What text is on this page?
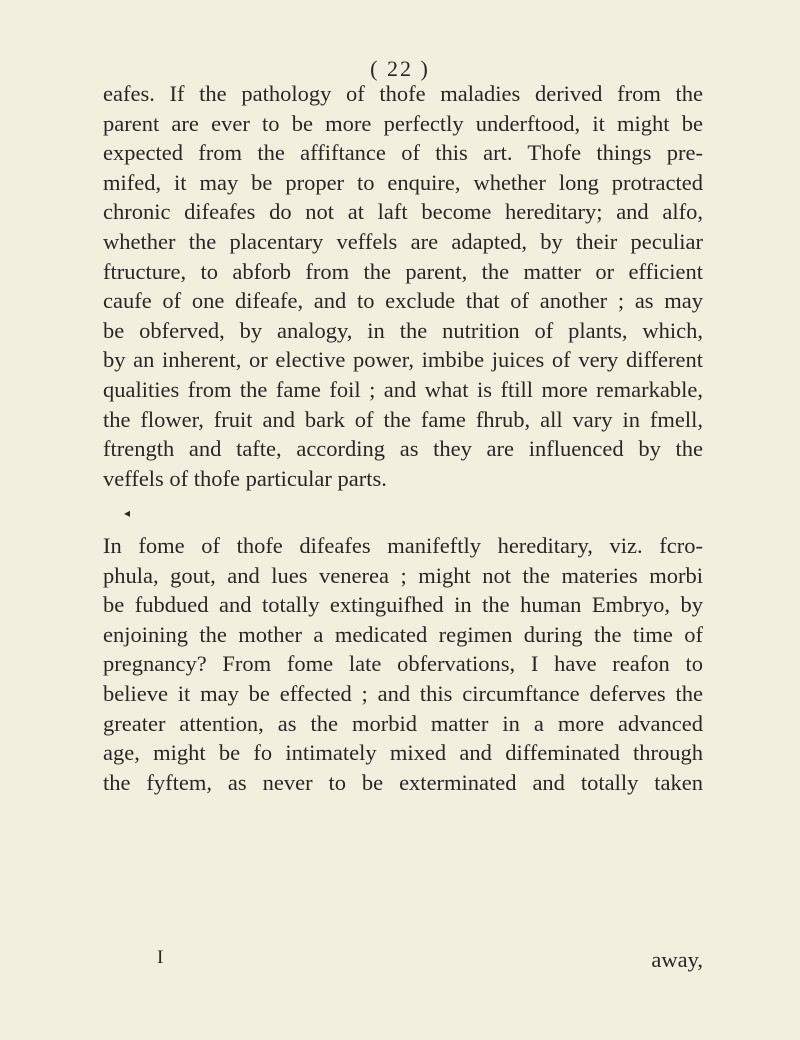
( 22 )
eafes. If the pathology of thofe maladies derived from the
parent are ever to be more perfectly underftood, it might be
expected from the affiftance of this art. Thofe things pre-
mifed, it may be proper to enquire, whether long protracted
chronic difeafes do not at laft become hereditary; and alfo,
whether the placentary veffels are adapted, by their peculiar
ftructure, to abforb from the parent, the matter or efficient
caufe of one difeafe, and to exclude that of another ; as may
be obferved, by analogy, in the nutrition of plants, which,
by an inherent, or elective power, imbibe juices of very different
qualities from the fame foil ; and what is ftill more remarkable,
the flower, fruit and bark of the fame fhrub, all vary in fmell,
ftrength and tafte, according as they are influenced by the
veffels of thofe particular parts.
◂
In fome of thofe difeafes manifeftly hereditary, viz. fcro-
phula, gout, and lues venerea ; might not the materies morbi
be fubdued and totally extinguifhed in the human Embryo, by
enjoining the mother a medicated regimen during the time of
pregnancy? From fome late obfervations, I have reafon to
believe it may be effected ; and this circumftance deferves the
greater attention, as the morbid matter in a more advanced
age, might be fo intimately mixed and diffeminated through
the fyftem, as never to be exterminated and totally taken
I	away,
